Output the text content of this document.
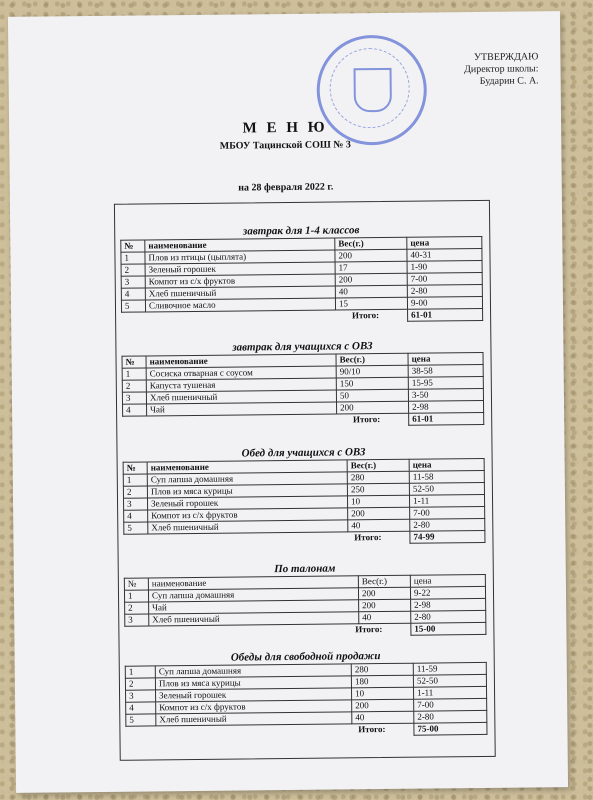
УТВЕРЖДАЮ
Директор школы:
Бударин С. А.
М Е Н Ю
МБОУ Тацинской СОШ № 3
на 28 февраля 2022 г.
завтрак для 1-4 классов
№	наименование	Вес(г.)	цена
1	Плов из птицы (цыплята)	200	40-31
2	Зеленый горошек	17	1-90
3	Компот из с/х фруктов	200	7-00
4	Хлеб пшеничный	40	2-80
5	Сливочное масло	15	9-00
Итого:			61-01
завтрак для учащихся с ОВЗ
№	наименование	Вес(г.)	цена
1	Сосиска отварная с соусом	90/10	38-58
2	Капуста тушеная	150	15-95
3	Хлеб пшеничный	50	3-50
4	Чай	200	2-98
Итого:			61-01
Обед для учащихся с ОВЗ
№	наименование	Вес(г.)	цена
1	Суп лапша домашняя	280	11-58
2	Плов из мяса курицы	250	52-50
3	Зеленый горошек	10	1-11
4	Компот из с/х фруктов	200	7-00
5	Хлеб пшеничный	40	2-80
Итого:			74-99
По талонам
№	наименование	Вес(г.)	цена
1	Суп лапша домашняя	200	9-22
2	Чай	200	2-98
3	Хлеб пшеничный	40	2-80
Итого:			15-00
Обеды для свободной продажи
1	Суп лапша домашняя	280	11-59
2	Плов из мяса курицы	180	52-50
3	Зеленый горошек	10	1-11
4	Компот из с/х фруктов	200	7-00
5	Хлеб пшеничный	40	2-80
Итого:			75-00
